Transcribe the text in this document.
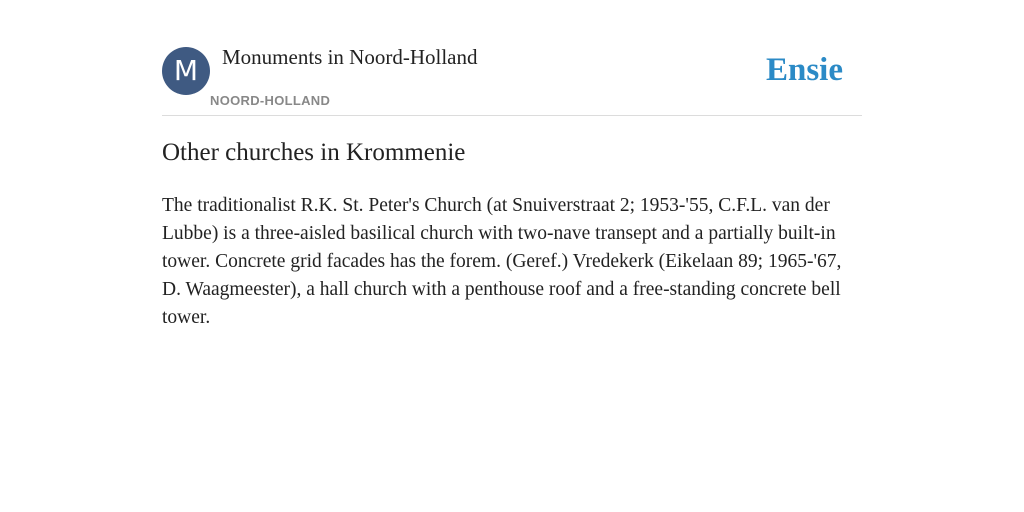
M	Monuments in Noord-Holland
NOORD-HOLLAND
Ensie
Other churches in Krommenie

The traditionalist R.K. St. Peter's Church (at Snuiverstraat 2; 1953-'55, C.F.L. van der Lubbe) is a three-aisled basilical church with two-nave transept and a partially built-in tower. Concrete grid facades has the forem. (Geref.) Vredekerk (Eikelaan 89; 1965-'67, D. Waagmeester), a hall church with a penthouse roof and a free-standing concrete bell tower.
